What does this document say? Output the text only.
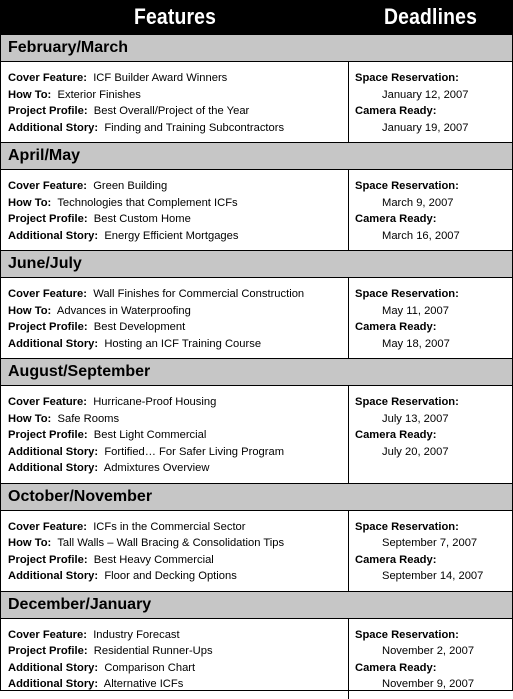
Features	Deadlines
February/March
Cover Feature: ICF Builder Award Winners
How To: Exterior Finishes
Project Profile: Best Overall/Project of the Year
Additional Story: Finding and Training Subcontractors
Space Reservation:
January 12, 2007
Camera Ready:
January 19, 2007
April/May
Cover Feature: Green Building
How To: Technologies that Complement ICFs
Project Profile: Best Custom Home
Additional Story: Energy Efficient Mortgages
Space Reservation:
March 9, 2007
Camera Ready:
March 16, 2007
June/July
Cover Feature: Wall Finishes for Commercial Construction
How To: Advances in Waterproofing
Project Profile: Best Development
Additional Story: Hosting an ICF Training Course
Space Reservation:
May 11, 2007
Camera Ready:
May 18, 2007
August/September
Cover Feature: Hurricane-Proof Housing
How To: Safe Rooms
Project Profile: Best Light Commercial
Additional Story: Fortified… For Safer Living Program
Additional Story: Admixtures Overview
Space Reservation:
July 13, 2007
Camera Ready:
July 20, 2007
October/November
Cover Feature: ICFs in the Commercial Sector
How To: Tall Walls – Wall Bracing & Consolidation Tips
Project Profile: Best Heavy Commercial
Additional Story: Floor and Decking Options
Space Reservation:
September 7, 2007
Camera Ready:
September 14, 2007
December/January
Cover Feature: Industry Forecast
Project Profile: Residential Runner-Ups
Additional Story: Comparison Chart
Additional Story: Alternative ICFs
Space Reservation:
November 2, 2007
Camera Ready:
November 9, 2007
